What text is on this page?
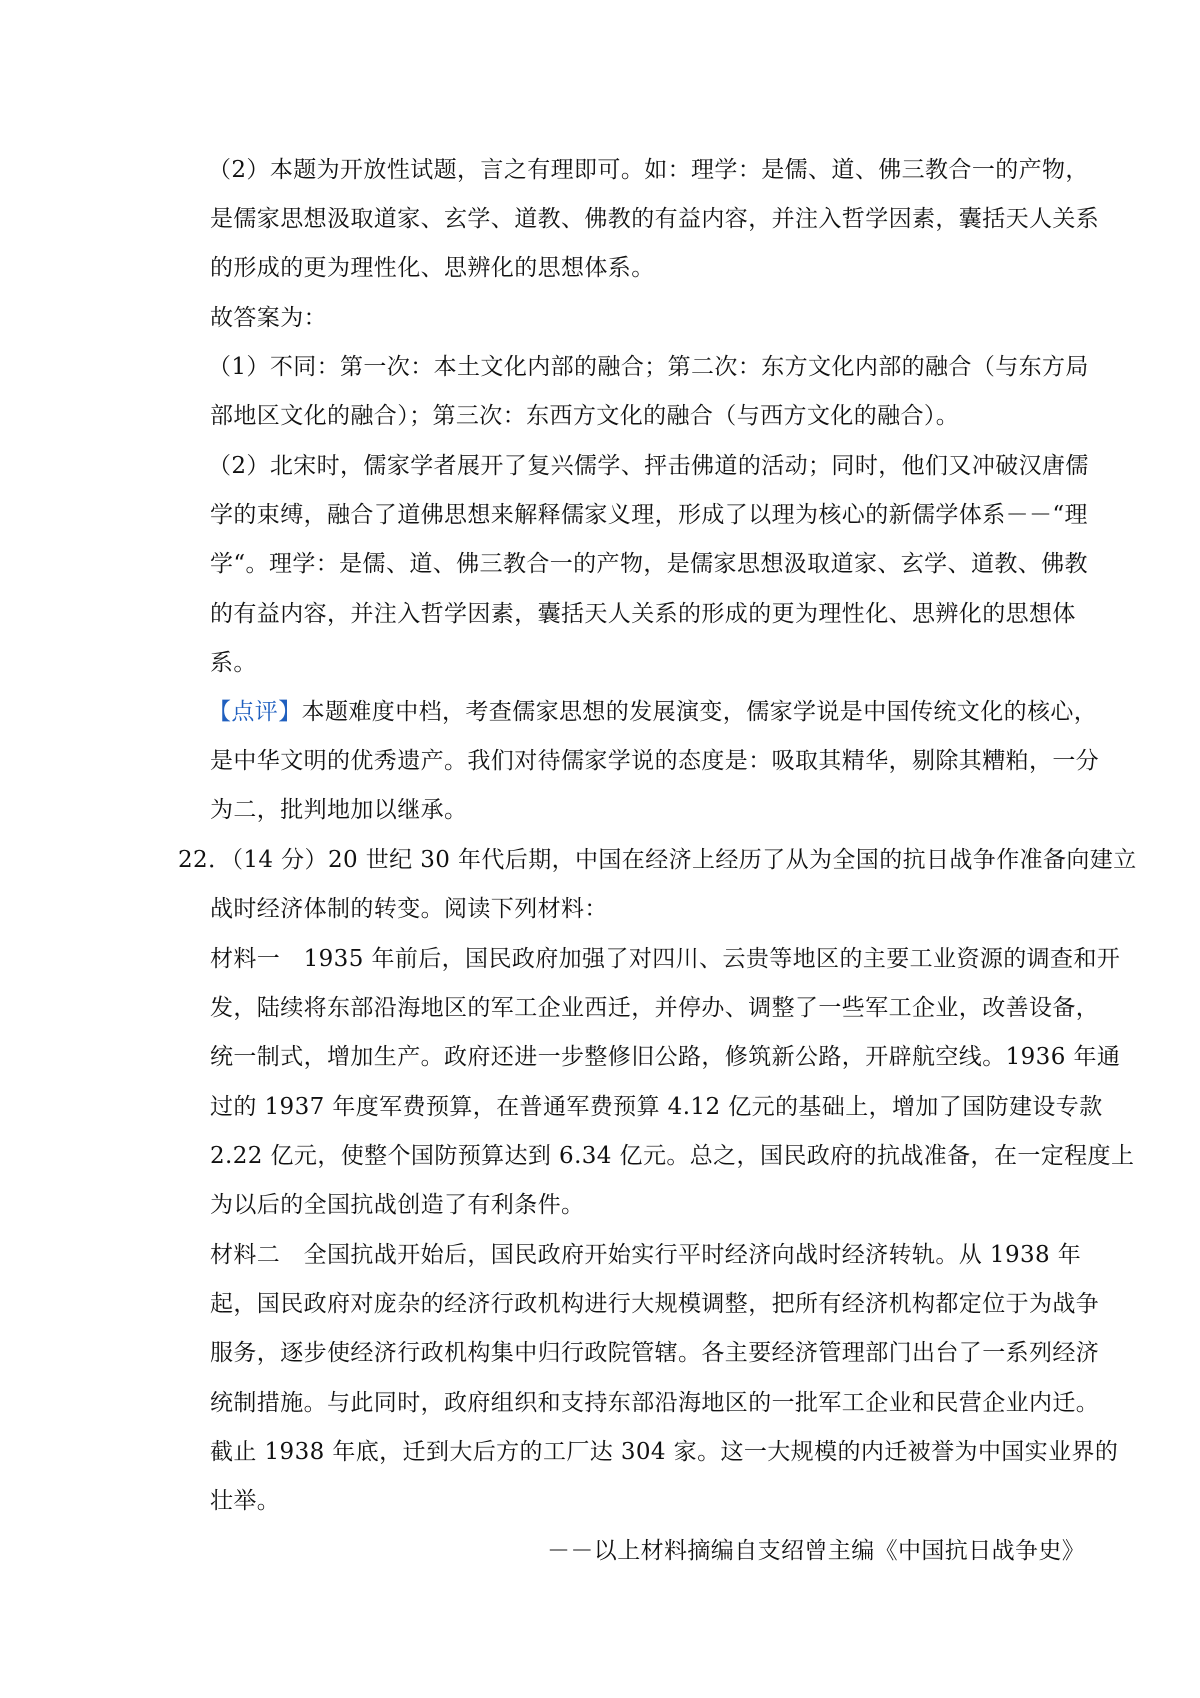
（2）本题为开放性试题，言之有理即可。如：理学：是儒、道、佛三教合一的产物，
是儒家思想汲取道家、玄学、道教、佛教的有益内容，并注入哲学因素，囊括天人关系
的形成的更为理性化、思辨化的思想体系。
故答案为：
（1）不同：第一次：本土文化内部的融合；第二次：东方文化内部的融合（与东方局
部地区文化的融合）；第三次：东西方文化的融合（与西方文化的融合）。
（2）北宋时，儒家学者展开了复兴儒学、抨击佛道的活动；同时，他们又冲破汉唐儒
学的束缚，融合了道佛思想来解释儒家义理，形成了以理为核心的新儒学体系－－“理
学“。理学：是儒、道、佛三教合一的产物，是儒家思想汲取道家、玄学、道教、佛教
的有益内容，并注入哲学因素，囊括天人关系的形成的更为理性化、思辨化的思想体
系。
【点评】本题难度中档，考查儒家思想的发展演变，儒家学说是中国传统文化的核心，
是中华文明的优秀遗产。我们对待儒家学说的态度是：吸取其精华，剔除其糟粕，一分
为二，批判地加以继承。
22．（14 分）20 世纪 30 年代后期，中国在经济上经历了从为全国的抗日战争作准备向建立
战时经济体制的转变。阅读下列材料：
材料一　1935 年前后，国民政府加强了对四川、云贵等地区的主要工业资源的调查和开
发，陆续将东部沿海地区的军工企业西迁，并停办、调整了一些军工企业，改善设备，
统一制式，增加生产。政府还进一步整修旧公路，修筑新公路，开辟航空线。1936 年通
过的 1937 年度军费预算，在普通军费预算 4.12 亿元的基础上，增加了国防建设专款
2.22 亿元，使整个国防预算达到 6.34 亿元。总之，国民政府的抗战准备，在一定程度上
为以后的全国抗战创造了有利条件。
材料二　全国抗战开始后，国民政府开始实行平时经济向战时经济转轨。从 1938 年
起，国民政府对庞杂的经济行政机构进行大规模调整，把所有经济机构都定位于为战争
服务，逐步使经济行政机构集中归行政院管辖。各主要经济管理部门出台了一系列经济
统制措施。与此同时，政府组织和支持东部沿海地区的一批军工企业和民营企业内迁。
截止 1938 年底，迁到大后方的工厂达 304 家。这一大规模的内迁被誉为中国实业界的
壮举。
－－以上材料摘编自支绍曾主编《中国抗日战争史》
